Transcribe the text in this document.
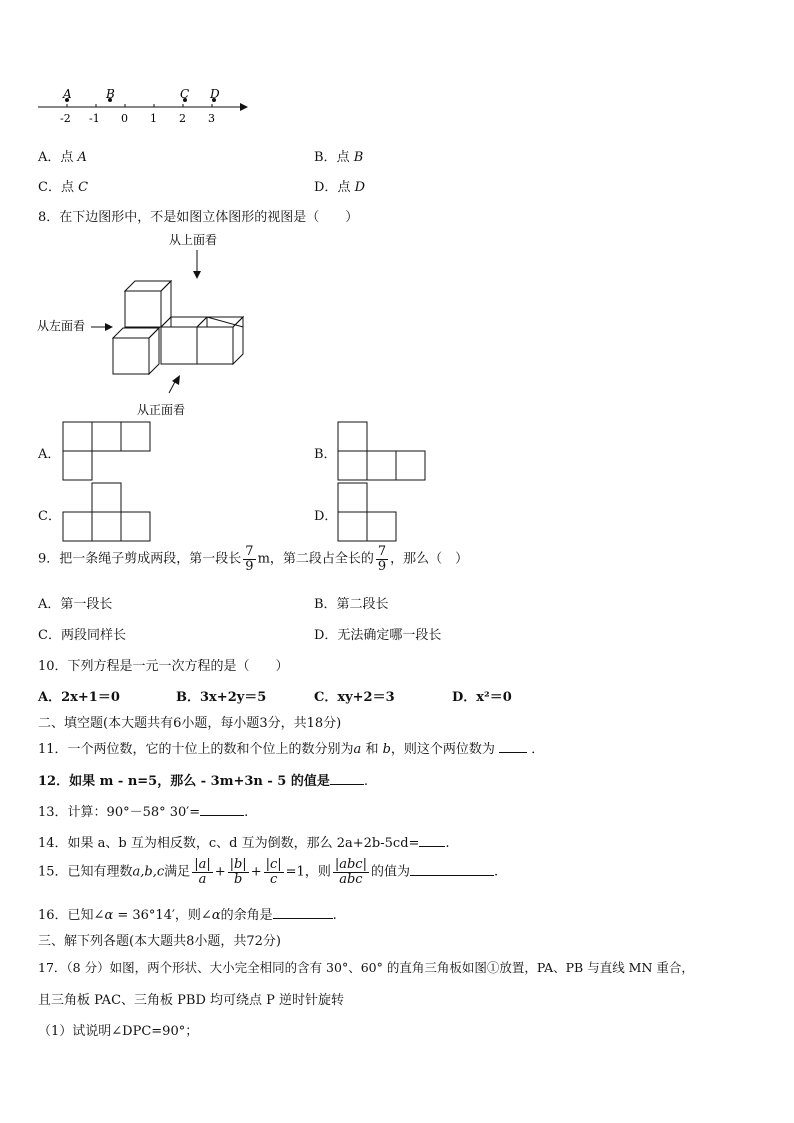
A	B	C D
-2 -1 0 1 2 3
A．点 A	B．点 B
C．点 C	D．点 D
8．在下边图形中，不是如图立体图形的视图是（　　）
从上面看
从左面看
从正面看
A．	B．
C．	D．
9．把一条绳子剪成两段，第一段长 $\frac{7}{9}$ m，第二段占全长的 $\frac{7}{9}$ ，那么（　）
A．第一段长	B．第二段长
C．两段同样长	D．无法确定哪一段长
10．下列方程是一元一次方程的是（　　）
A．2x+1＝0	B．3x+2y＝5	C．xy+2＝3	D．x²＝0
二、填空题(本大题共有6小题，每小题3分，共18分)
11．一个两位数，它的十位上的数和个位上的数分别为a 和 b，则这个两位数为	．
12．如果 m - n=5，那么 - 3m+3n - 5 的值是	.
13．计算：90°－58° 30′=	.
14．如果 a、b 互为相反数，c、d 互为倒数，那么 2a+2b-5cd= .
15．已知有理数a,b,c满足 $\frac{|a|}{a} + \frac{|b|}{b} + \frac{|c|}{c} =1$，则 $\frac{\text{|abc|}}{\text{abc}}$ 的值为	.
16．已知∠α = 36°14′，则∠α的余角是	.
三、解下列各题(本大题共8小题，共72分)
17．（8 分）如图，两个形状、大小完全相同的含有 30°、60° 的直角三角板如图①放置，PA、PB 与直线 MN 重合，
且三角板 PAC、三角板 PBD 均可绕点 P 逆时针旋转
（1）试说明∠DPC=90°；
